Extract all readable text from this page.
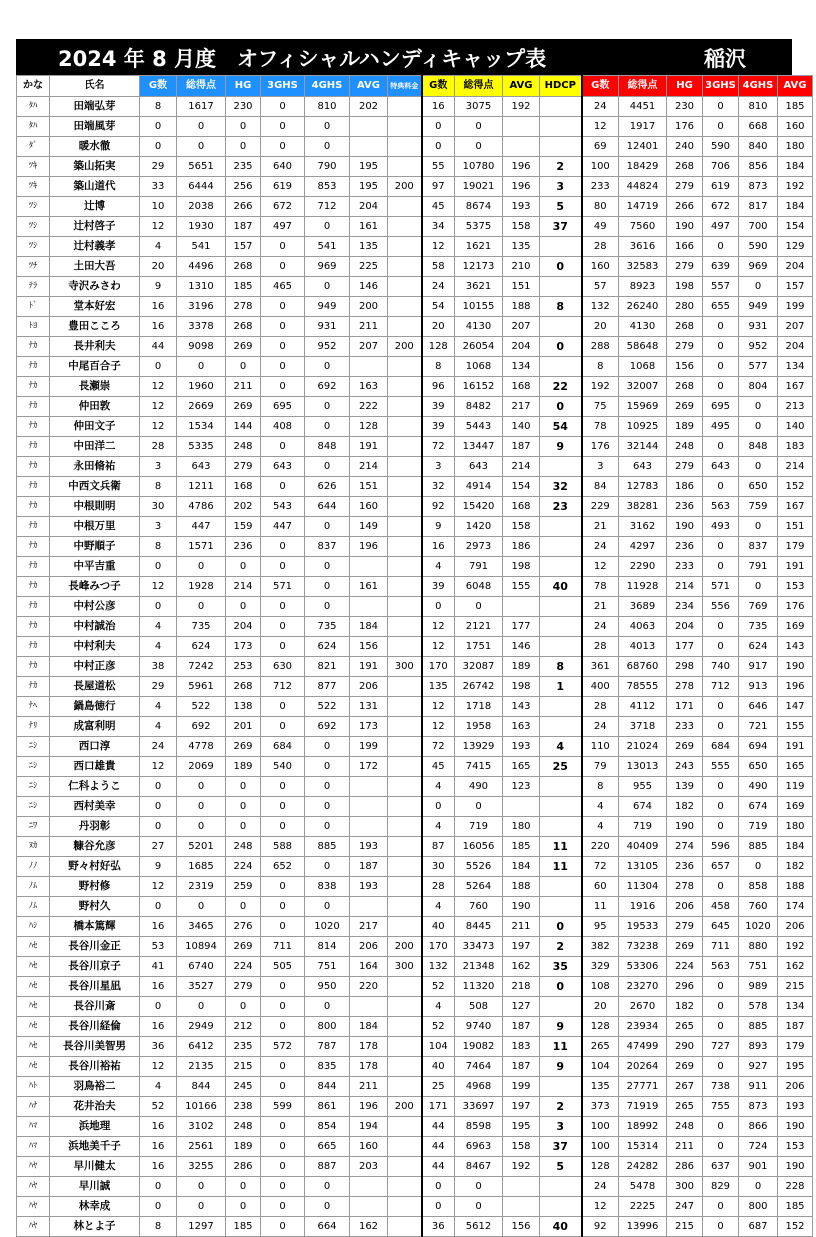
2024 年 8 月度　オフィシャルハンディキャップ表	稲沢
かな	氏名	G数	総得点	HG	3GHS	4GHS	AVG	特典料金	G数	総得点	AVG	HDCP	G数	総得点	HG	3GHS	4GHS	AVG
ﾀﾊ	田端弘芽	8	1617	230	0	810	202		16	3075	192		24	4451	230	0	810	185
ﾀﾊ	田端風芽	0	0	0	0	0			0	0			12	1917	176	0	668	160
ﾀﾞ	暖水徹	0	0	0	0	0			0	0			69	12401	240	590	840	180
ﾂｷ	築山拓実	29	5651	235	640	790	195		55	10780	196	2	100	18429	268	706	856	184
ﾂｷ	築山道代	33	6444	256	619	853	195	200	97	19021	196	3	233	44824	279	619	873	192
ﾂｼ	辻博	10	2038	266	672	712	204		45	8674	193	5	80	14719	266	672	817	184
ﾂｼ	辻村啓子	12	1930	187	497	0	161		34	5375	158	37	49	7560	190	497	700	154
ﾂｼ	辻村義孝	4	541	157	0	541	135		12	1621	135		28	3616	166	0	590	129
ﾂﾁ	土田大吾	20	4496	268	0	969	225		58	12173	210	0	160	32583	279	639	969	204
ﾃﾗ	寺沢みさわ	9	1310	185	465	0	146		24	3621	151		57	8923	198	557	0	157
ﾄﾞ	堂本好宏	16	3196	278	0	949	200		54	10155	188	8	132	26240	280	655	949	199
ﾄﾖ	豊田こころ	16	3378	268	0	931	211		20	4130	207		20	4130	268	0	931	207
ﾅｶ	長井利夫	44	9098	269	0	952	207	200	128	26054	204	0	288	58648	279	0	952	204
ﾅｶ	中尾百合子	0	0	0	0	0			8	1068	134		8	1068	156	0	577	134
ﾅｶ	長瀬崇	12	1960	211	0	692	163		96	16152	168	22	192	32007	268	0	804	167
ﾅｶ	仲田敦	12	2669	269	695	0	222		39	8482	217	0	75	15969	269	695	0	213
ﾅｶ	仲田文子	12	1534	144	408	0	128		39	5443	140	54	78	10925	189	495	0	140
ﾅｶ	中田洋二	28	5335	248	0	848	191		72	13447	187	9	176	32144	248	0	848	183
ﾅｶ	永田脩祐	3	643	279	643	0	214		3	643	214		3	643	279	643	0	214
ﾅｶ	中西文兵衛	8	1211	168	0	626	151		32	4914	154	32	84	12783	186	0	650	152
ﾅｶ	中根則明	30	4786	202	543	644	160		92	15420	168	23	229	38281	236	563	759	167
ﾅｶ	中根万里	3	447	159	447	0	149		9	1420	158		21	3162	190	493	0	151
ﾅｶ	中野順子	8	1571	236	0	837	196		16	2973	186		24	4297	236	0	837	179
ﾅｶ	中平吉重	0	0	0	0	0			4	791	198		12	2290	233	0	791	191
ﾅｶ	長峰みつ子	12	1928	214	571	0	161		39	6048	155	40	78	11928	214	571	0	153
ﾅｶ	中村公彦	0	0	0	0	0			0	0			21	3689	234	556	769	176
ﾅｶ	中村誠治	4	735	204	0	735	184		12	2121	177		24	4063	204	0	735	169
ﾅｶ	中村利夫	4	624	173	0	624	156		12	1751	146		28	4013	177	0	624	143
ﾅｶ	中村正彦	38	7242	253	630	821	191	300	170	32087	189	8	361	68760	298	740	917	190
ﾅｶ	長屋道松	29	5961	268	712	877	206		135	26742	198	1	400	78555	278	712	913	196
ﾅﾍ	鍋島徳行	4	522	138	0	522	131		12	1718	143		28	4112	171	0	646	147
ﾅﾘ	成富利明	4	692	201	0	692	173		12	1958	163		24	3718	233	0	721	155
ﾆｼ	西口淳	24	4778	269	684	0	199		72	13929	193	4	110	21024	269	684	694	191
ﾆｼ	西口雄貴	12	2069	189	540	0	172		45	7415	165	25	79	13013	243	555	650	165
ﾆｼ	仁科ようこ	0	0	0	0	0			4	490	123		8	955	139	0	490	119
ﾆｼ	西村美幸	0	0	0	0	0			0	0			4	674	182	0	674	169
ﾆﾜ	丹羽彰	0	0	0	0	0			4	719	180		4	719	190	0	719	180
ﾇｶ	糠谷允彦	27	5201	248	588	885	193		87	16056	185	11	220	40409	274	596	885	184
ﾉﾉ	野々村好弘	9	1685	224	652	0	187		30	5526	184	11	72	13105	236	657	0	182
ﾉﾑ	野村修	12	2319	259	0	838	193		28	5264	188		60	11304	278	0	858	188
ﾉﾑ	野村久	0	0	0	0	0			4	760	190		11	1916	206	458	760	174
ﾊｼ	橋本篤輝	16	3465	276	0	1020	217		40	8445	211	0	95	19533	279	645	1020	206
ﾊｾ	長谷川金正	53	10894	269	711	814	206	200	170	33473	197	2	382	73238	269	711	880	192
ﾊｾ	長谷川京子	41	6740	224	505	751	164	300	132	21348	162	35	329	53306	224	563	751	162
ﾊｾ	長谷川星凪	16	3527	279	0	950	220		52	11320	218	0	108	23270	296	0	989	215
ﾊｾ	長谷川斎	0	0	0	0	0			4	508	127		20	2670	182	0	578	134
ﾊｾ	長谷川経倫	16	2949	212	0	800	184		52	9740	187	9	128	23934	265	0	885	187
ﾊｾ	長谷川美智男	36	6412	235	572	787	178		104	19082	183	11	265	47499	290	727	893	179
ﾊｾ	長谷川裕祐	12	2135	215	0	835	178		40	7464	187	9	104	20264	269	0	927	195
ﾊﾄ	羽鳥裕二	4	844	245	0	844	211		25	4968	199		135	27771	267	738	911	206
ﾊﾅ	花井治夫	52	10166	238	599	861	196	200	171	33697	197	2	373	71919	265	755	873	193
ﾊﾏ	浜地理	16	3102	248	0	854	194		44	8598	195	3	100	18992	248	0	866	190
ﾊﾏ	浜地美千子	16	2561	189	0	665	160		44	6963	158	37	100	15314	211	0	724	153
ﾊﾔ	早川健太	16	3255	286	0	887	203		44	8467	192	5	128	24282	286	637	901	190
ﾊﾔ	早川誠	0	0	0	0	0			0	0			24	5478	300	829	0	228
ﾊﾔ	林幸成	0	0	0	0	0			0	0			12	2225	247	0	800	185
ﾊﾔ	林とよ子	8	1297	185	0	664	162		36	5612	156	40	92	13996	215	0	687	152
